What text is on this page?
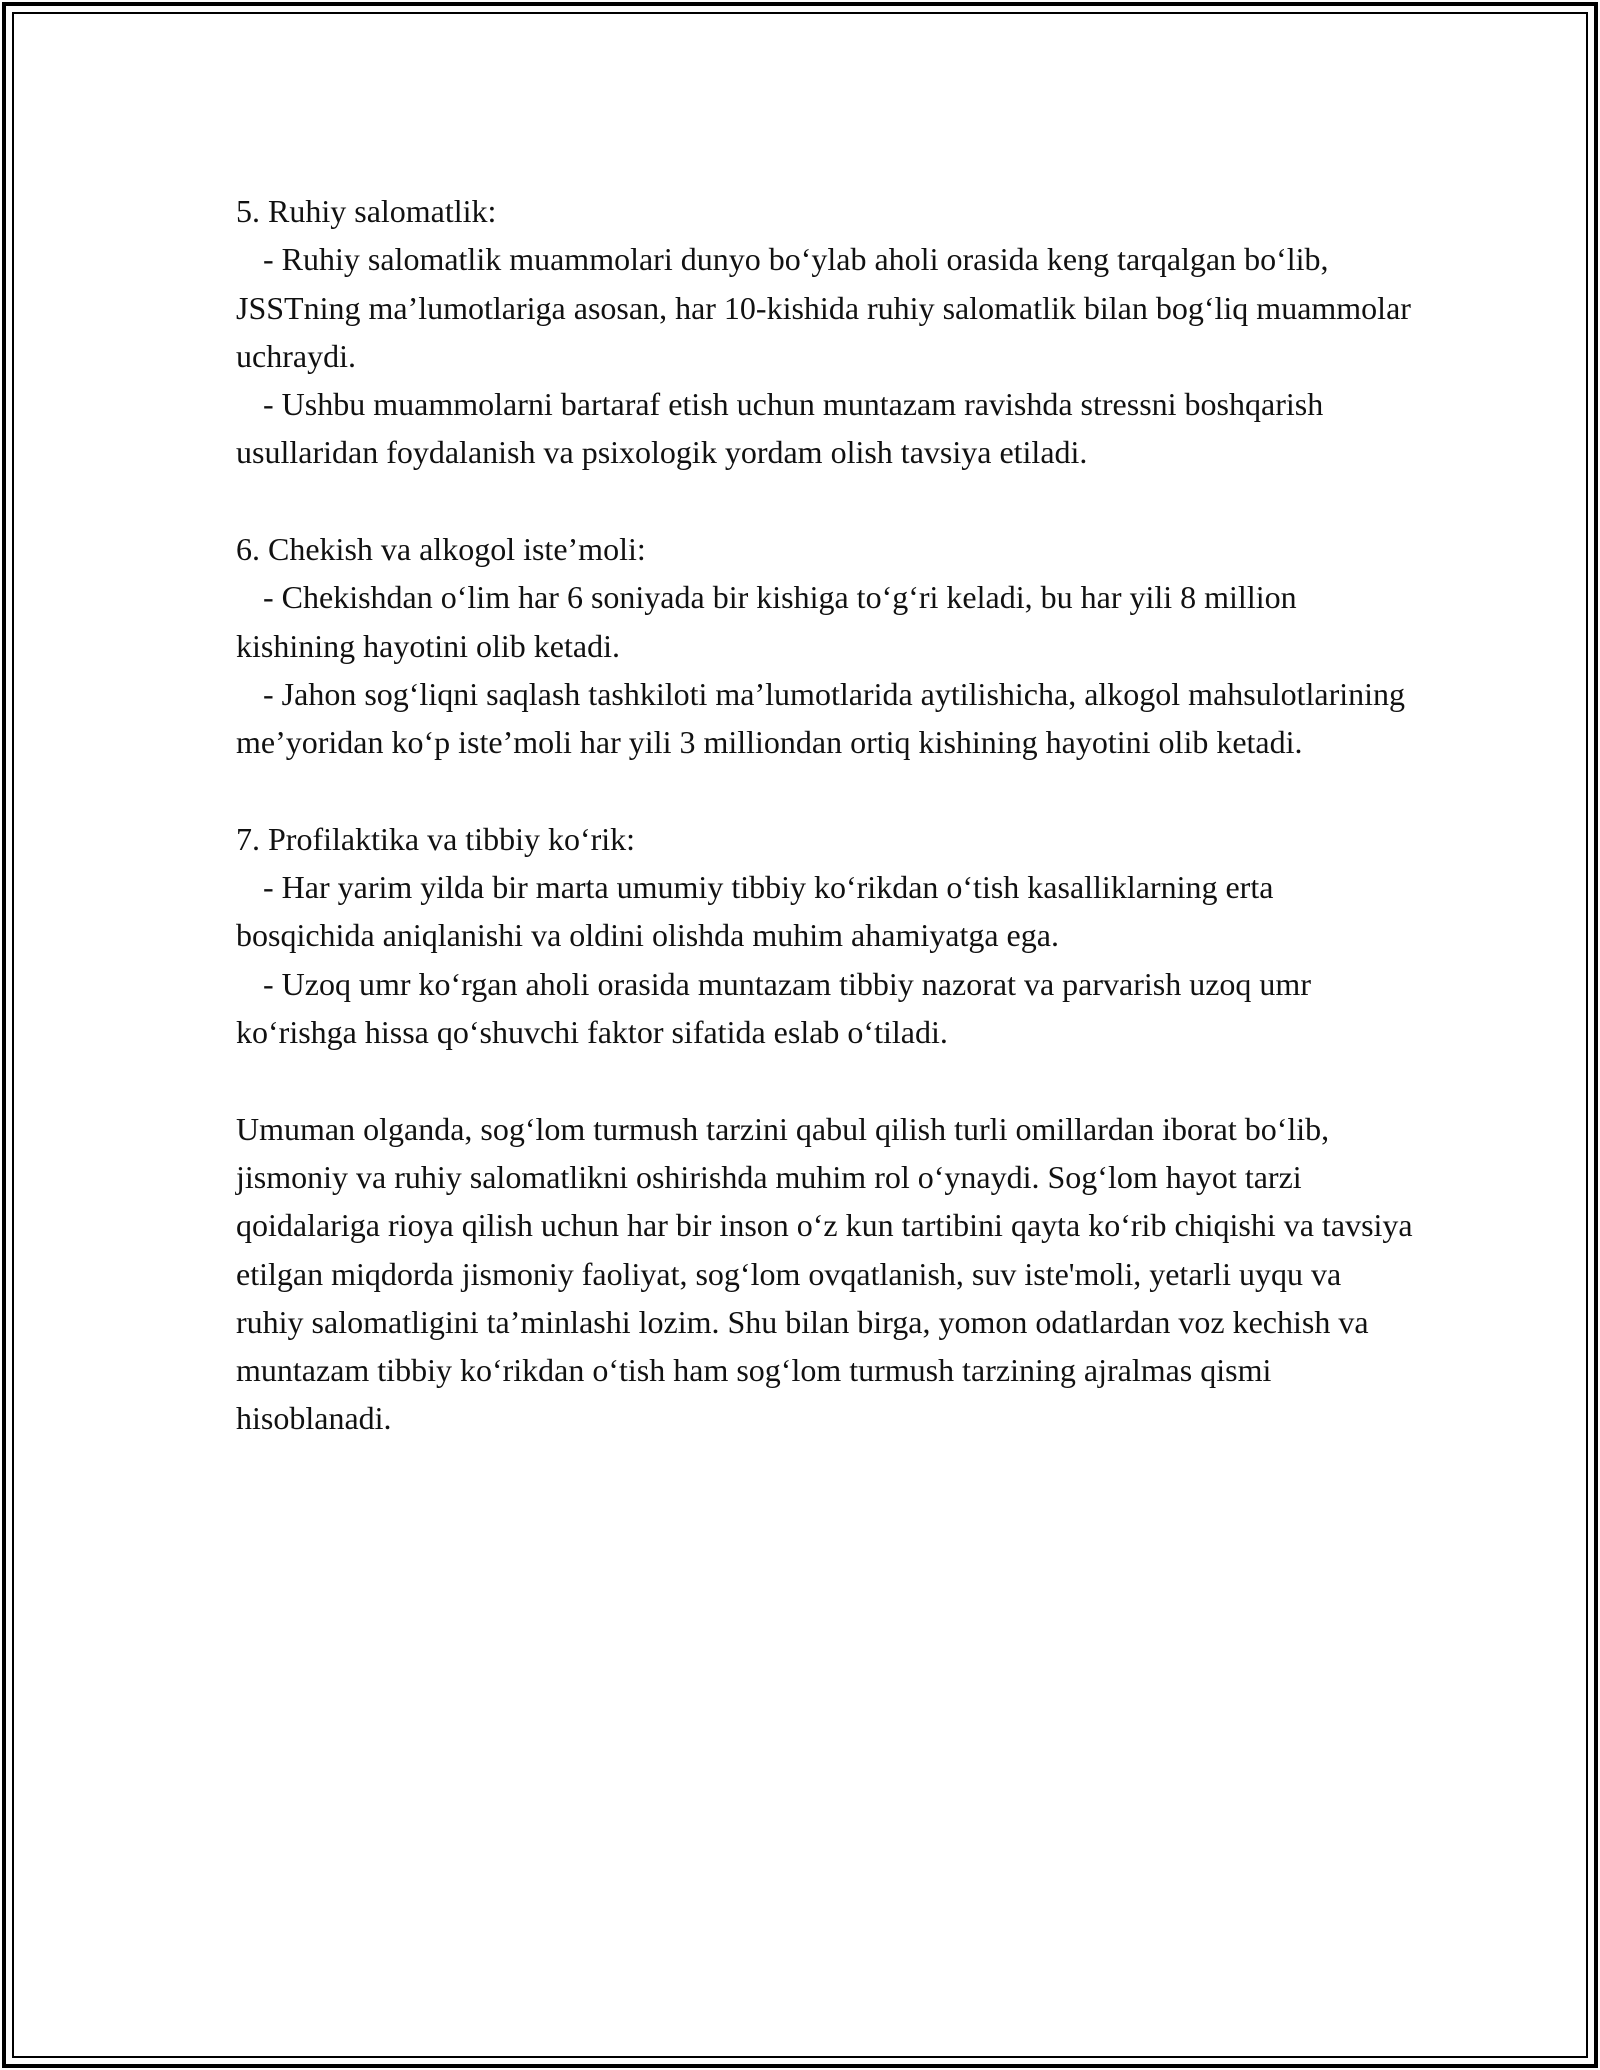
5. Ruhiy salomatlik:

- Ruhiy salomatlik muammolari dunyo bo‘ylab aholi orasida keng tarqalgan bo‘lib, JSSTning ma’lumotlariga asosan, har 10-kishida ruhiy salomatlik bilan bog‘liq muammolar uchraydi.

- Ushbu muammolarni bartaraf etish uchun muntazam ravishda stressni boshqarish usullaridan foydalanish va psixologik yordam olish tavsiya etiladi.

6. Chekish va alkogol iste’moli:

- Chekishdan o‘lim har 6 soniyada bir kishiga to‘g‘ri keladi, bu har yili 8 million kishining hayotini olib ketadi.

- Jahon sog‘liqni saqlash tashkiloti ma’lumotlarida aytilishicha, alkogol mahsulotlarining me’yoridan ko‘p iste’moli har yili 3 milliondan ortiq kishining hayotini olib ketadi.

7. Profilaktika va tibbiy ko‘rik:

- Har yarim yilda bir marta umumiy tibbiy ko‘rikdan o‘tish kasalliklarning erta bosqichida aniqlanishi va oldini olishda muhim ahamiyatga ega.

- Uzoq umr ko‘rgan aholi orasida muntazam tibbiy nazorat va parvarish uzoq umr ko‘rishga hissa qo‘shuvchi faktor sifatida eslab o‘tiladi.

Umuman olganda, sog‘lom turmush tarzini qabul qilish turli omillardan iborat bo‘lib, jismoniy va ruhiy salomatlikni oshirishda muhim rol o‘ynaydi. Sog‘lom hayot tarzi qoidalariga rioya qilish uchun har bir inson o‘z kun tartibini qayta ko‘rib chiqishi va tavsiya etilgan miqdorda jismoniy faoliyat, sog‘lom ovqatlanish, suv iste'moli, yetarli uyqu va ruhiy salomatligini ta’minlashi lozim. Shu bilan birga, yomon odatlardan voz kechish va muntazam tibbiy ko‘rikdan o‘tish ham sog‘lom turmush tarzining ajralmas qismi hisoblanadi.
